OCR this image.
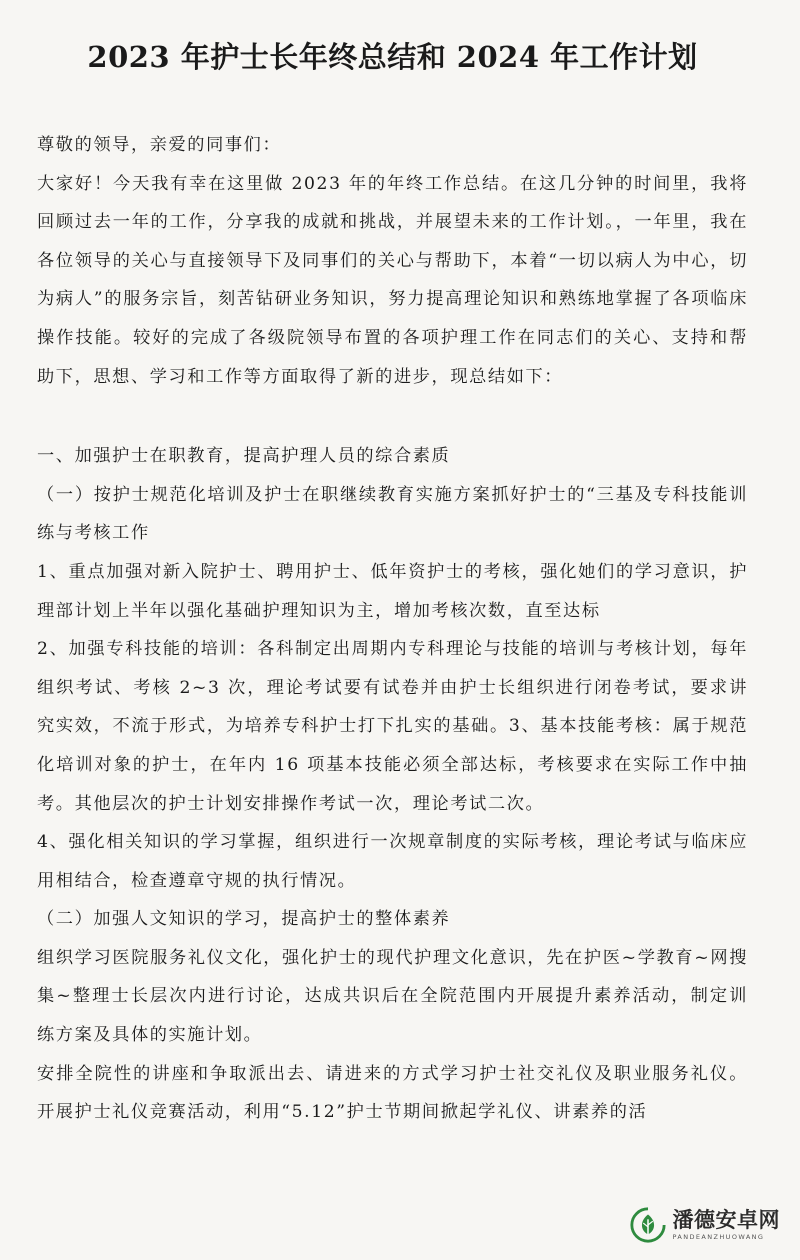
2023 年护士长年终总结和 2024 年工作计划

尊敬的领导，亲爱的同事们：

大家好！今天我有幸在这里做 2023 年的年终工作总结。在这几分钟的时间里，我将回顾过去一年的工作，分享我的成就和挑战，并展望未来的工作计划。，一年里，我在各位领导的关心与直接领导下及同事们的关心与帮助下，本着“一切以病人为中心，切为病人”的服务宗旨，刻苦钻研业务知识，努力提高理论知识和熟练地掌握了各项临床操作技能。较好的完成了各级院领导布置的各项护理工作在同志们的关心、支持和帮助下，思想、学习和工作等方面取得了新的进步，现总结如下：

一、加强护士在职教育，提高护理人员的综合素质

（一）按护士规范化培训及护士在职继续教育实施方案抓好护士的“三基及专科技能训练与考核工作

1、重点加强对新入院护士、聘用护士、低年资护士的考核，强化她们的学习意识，护理部计划上半年以强化基础护理知识为主，增加考核次数，直至达标

2、加强专科技能的培训：各科制定出周期内专科理论与技能的培训与考核计划，每年组织考试、考核 2~3 次，理论考试要有试卷并由护士长组织进行闭卷考试，要求讲究实效，不流于形式，为培养专科护士打下扎实的基础。3、基本技能考核：属于规范化培训对象的护士，在年内 16 项基本技能必须全部达标，考核要求在实际工作中抽考。其他层次的护士计划安排操作考试一次，理论考试二次。

4、强化相关知识的学习掌握，组织进行一次规章制度的实际考核，理论考试与临床应用相结合，检查遵章守规的执行情况。

（二）加强人文知识的学习，提高护士的整体素养

组织学习医院服务礼仪文化，强化护士的现代护理文化意识，先在护医~学教育~网搜集~整理士长层次内进行讨论，达成共识后在全院范围内开展提升素养活动，制定训练方案及具体的实施计划。

安排全院性的讲座和争取派出去、请进来的方式学习护士社交礼仪及职业服务礼仪。开展护士礼仪竞赛活动，利用“5.12”护士节期间掀起学礼仪、讲素养的活

潘德安卓网
PANDEANZHUOWANG
